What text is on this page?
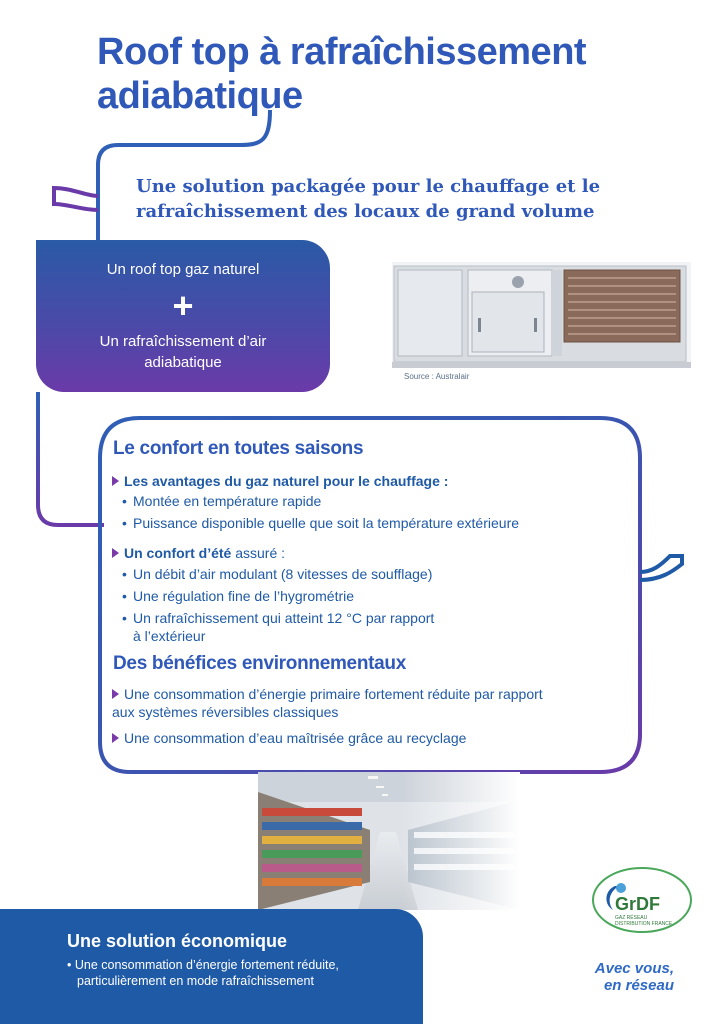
Roof top à rafraîchissement
adiabatique
Une solution packagée pour le chauffage et le
rafraîchissement des locaux de grand volume
Un roof top gaz naturel
+
Un rafraîchissement d’air
adiabatique
Source : Australair
Le confort en toutes saisons
Les avantages du gaz naturel pour le chauffage :
• Montée en température rapide
• Puissance disponible quelle que soit la température extérieure
Un confort d’été assuré :
• Un débit d’air modulant (8 vitesses de soufflage)
• Une régulation fine de l’hygrométrie
• Un rafraîchissement qui atteint 12 °C par rapport
à l’extérieur
Des bénéfices environnementaux
Une consommation d’énergie primaire fortement réduite par rapport
aux systèmes réversibles classiques
Une consommation d’eau maîtrisée grâce au recyclage
GrDF
GAZ RÉSEAU
DISTRIBUTION FRANCE
Avec vous,
en réseau
Une solution économique
• Une consommation d’énergie fortement réduite,
particulièrement en mode rafraîchissement
